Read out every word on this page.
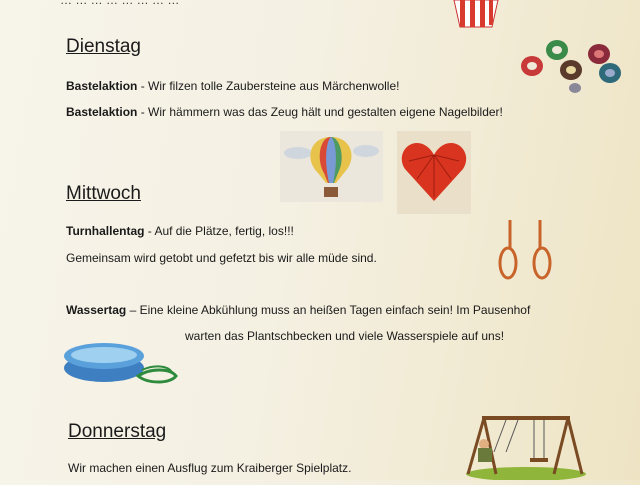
… … … … … … … …
Dienstag
Bastelaktion - Wir filzen tolle Zaubersteine aus Märchenwolle!
Bastelaktion - Wir hämmern was das Zeug hält und gestalten eigene Nagelbilder!
Mittwoch
Turnhallentag - Auf die Plätze, fertig, los!!!
Gemeinsam wird getobt und gefetzt bis wir alle müde sind.
Wassertag – Eine kleine Abkühlung muss an heißen Tagen einfach sein! Im Pausenhof
warten das Plantschbecken und viele Wasserspiele auf uns!
Donnerstag
Wir machen einen Ausflug zum Kraiberger Spielplatz.
